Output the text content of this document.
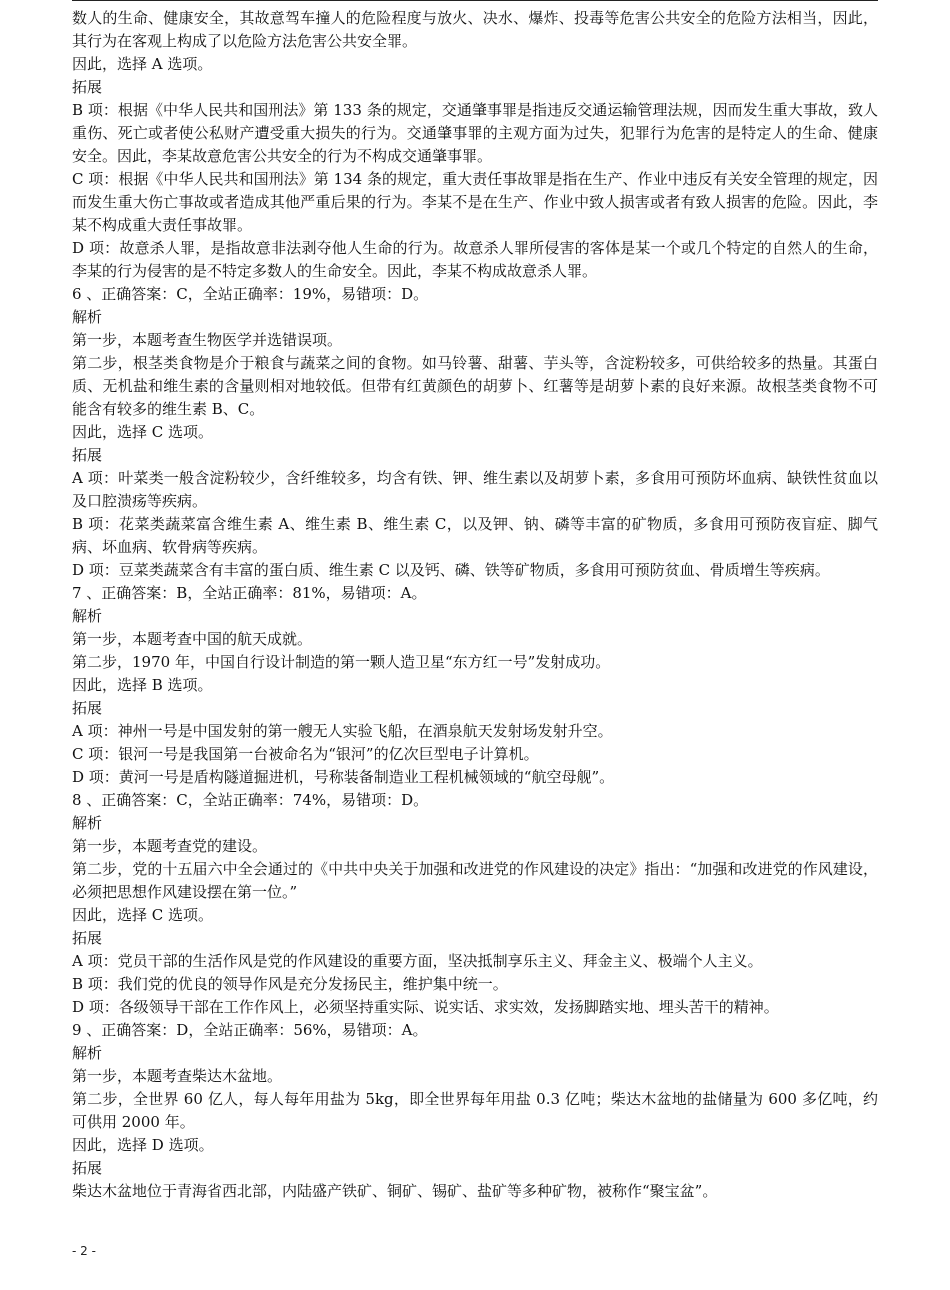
数人的生命、健康安全，其故意驾车撞人的危险程度与放火、决水、爆炸、投毒等危害公共安全的危险方法相当，因此，其行为在客观上构成了以危险方法危害公共安全罪。

因此，选择 A 选项。

拓展

B 项：根据《中华人民共和国刑法》第 133 条的规定，交通肇事罪是指违反交通运输管理法规，因而发生重大事故，致人重伤、死亡或者使公私财产遭受重大损失的行为。交通肇事罪的主观方面为过失，犯罪行为危害的是特定人的生命、健康安全。因此，李某故意危害公共安全的行为不构成交通肇事罪。

C 项：根据《中华人民共和国刑法》第 134 条的规定，重大责任事故罪是指在生产、作业中违反有关安全管理的规定，因而发生重大伤亡事故或者造成其他严重后果的行为。李某不是在生产、作业中致人损害或者有致人损害的危险。因此，李某不构成重大责任事故罪。

D 项：故意杀人罪，是指故意非法剥夺他人生命的行为。故意杀人罪所侵害的客体是某一个或几个特定的自然人的生命，李某的行为侵害的是不特定多数人的生命安全。因此，李某不构成故意杀人罪。

6 、正确答案：C，全站正确率：19%，易错项：D。

解析

第一步，本题考查生物医学并选错误项。

第二步，根茎类食物是介于粮食与蔬菜之间的食物。如马铃薯、甜薯、芋头等，含淀粉较多，可供给较多的热量。其蛋白质、无机盐和维生素的含量则相对地较低。但带有红黄颜色的胡萝卜、红薯等是胡萝卜素的良好来源。故根茎类食物不可能含有较多的维生素 B、C。

因此，选择 C 选项。

拓展

A 项：叶菜类一般含淀粉较少，含纤维较多，均含有铁、钾、维生素以及胡萝卜素，多食用可预防坏血病、缺铁性贫血以及口腔溃疡等疾病。

B 项：花菜类蔬菜富含维生素 A、维生素 B、维生素 C，以及钾、钠、磷等丰富的矿物质，多食用可预防夜盲症、脚气病、坏血病、软骨病等疾病。

D 项：豆菜类蔬菜含有丰富的蛋白质、维生素 C 以及钙、磷、铁等矿物质，多食用可预防贫血、骨质增生等疾病。

7 、正确答案：B，全站正确率：81%，易错项：A。

解析

第一步，本题考查中国的航天成就。

第二步，1970 年，中国自行设计制造的第一颗人造卫星“东方红一号”发射成功。

因此，选择 B 选项。

拓展

A 项：神州一号是中国发射的第一艘无人实验飞船，在酒泉航天发射场发射升空。

C 项：银河一号是我国第一台被命名为“银河”的亿次巨型电子计算机。

D 项：黄河一号是盾构隧道掘进机，号称装备制造业工程机械领域的“航空母舰”。

8 、正确答案：C，全站正确率：74%，易错项：D。

解析

第一步，本题考查党的建设。

第二步，党的十五届六中全会通过的《中共中央关于加强和改进党的作风建设的决定》指出：“加强和改进党的作风建设，必须把思想作风建设摆在第一位。”

因此，选择 C 选项。

拓展

A 项：党员干部的生活作风是党的作风建设的重要方面，坚决抵制享乐主义、拜金主义、极端个人主义。

B 项：我们党的优良的领导作风是充分发扬民主，维护集中统一。

D 项：各级领导干部在工作作风上，必须坚持重实际、说实话、求实效，发扬脚踏实地、埋头苦干的精神。

9 、正确答案：D，全站正确率：56%，易错项：A。

解析

第一步，本题考查柴达木盆地。

第二步，全世界 60 亿人，每人每年用盐为 5kg，即全世界每年用盐 0.3 亿吨；柴达木盆地的盐储量为 600 多亿吨，约可供用 2000 年。

因此，选择 D 选项。

拓展

柴达木盆地位于青海省西北部，内陆盛产铁矿、铜矿、锡矿、盐矿等多种矿物，被称作“聚宝盆”。

- 2 -
